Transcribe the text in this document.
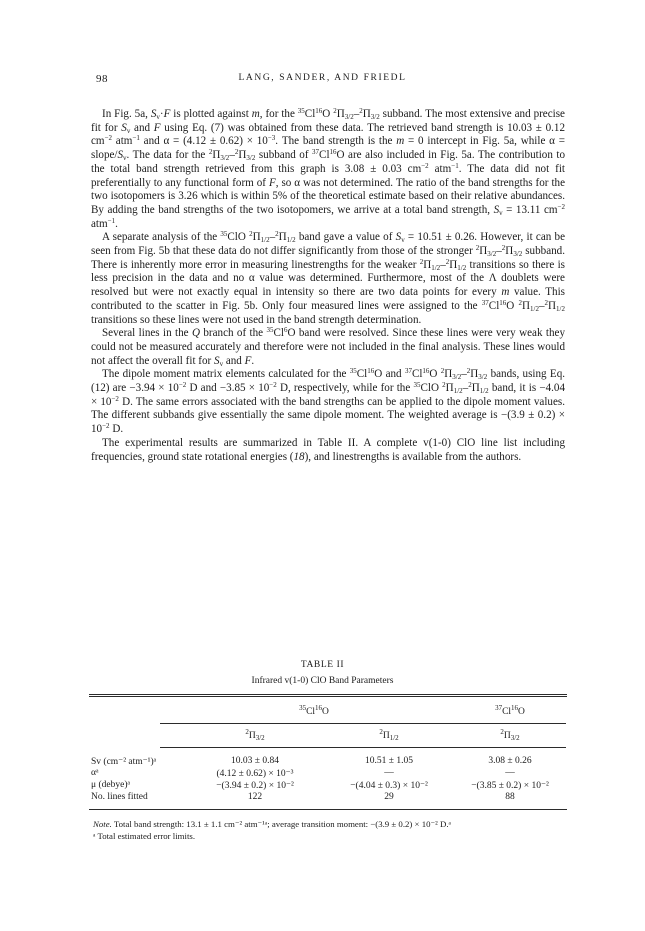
98	LANG, SANDER, AND FRIEDL

In Fig. 5a, $S_v\cdot F$ is plotted against m, for the $^{35}$Cl$^{16}$O $^2\Pi_{3/2}-^2\Pi_{3/2}$ subband. The most extensive and precise fit for $S_v$ and F using Eq. (7) was obtained from these data. The retrieved band strength is 10.03 ± 0.12 $cm^{-2}$ atm$^{-1}$ and $\alpha = (4.12 \pm 0.62) \times 10^{-3}$. The band strength is the m = 0 intercept in Fig. 5a, while α = slope/$S_v$. The data for the $^2\Pi_{3/2}-^2\Pi_{3/2}$ subband of $^{37}$Cl$^{16}$O are also included in Fig. 5a. The contribution to the total band strength retrieved from this graph is 3.08 ± 0.03 $cm^{-2}$ atm$^{-1}$. The data did not fit preferentially to any functional form of F, so α was not determined. The ratio of the band strengths for the two isotopomers is 3.26 which is within 5% of the theoretical estimate based on their relative abundances. By adding the band strengths of the two isotopomers, we arrive at a total band strength, $S_v = 13.11$ $cm^{-2}$ atm$^{-1}$.

A separate analysis of the $^{35}$ClO $^2\Pi_{1/2}-^2\Pi_{1/2}$ band gave a value of $S_v = 10.51 \pm 0.26$. However, it can be seen from Fig. 5b that these data do not differ significantly from those of the stronger $^2\Pi_{3/2}-^2\Pi_{3/2}$ subband. There is inherently more error in measuring linestrengths for the weaker $^2\Pi_{1/2}-^2\Pi_{1/2}$ transitions so there is less precision in the data and no α value was determined. Furthermore, most of the Λ doublets were resolved but were not exactly equal in intensity so there are two data points for every m value. This contributed to the scatter in Fig. 5b. Only four measured lines were assigned to the $^{37}$Cl$^{16}$O $^2\Pi_{1/2}-^2\Pi_{1/2}$ transitions so these lines were not used in the band strength determination.

Several lines in the Q branch of the $^{35}$Cl$^6$O band were resolved. Since these lines were very weak they could not be measured accurately and therefore were not included in the final analysis. These lines would not affect the overall fit for $S_v$ and F.

The dipole moment matrix elements calculated for the $^{35}$Cl$^{16}$O and $^{37}$Cl$^{16}$O $^2\Pi_{3/2}-^2\Pi_{3/2}$ bands, using Eq. (12) are $-3.94 \times 10^{-2}$ D and $-3.85 \times 10^{-2}$ D, respectively, while for the $^{35}$ClO $^2\Pi_{1/2}-^2\Pi_{1/2}$ band, it is $-4.04 \times 10^{-2}$ D. The same errors associated with the band strengths can be applied to the dipole moment values. The different subbands give essentially the same dipole moment. The weighted average is $-(3.9 \pm 0.2) \times 10^{-2}$ D.

The experimental results are summarized in Table II. A complete v(1-0) ClO line list including frequencies, ground state rotational energies (18), and linestrengths is available from the authors.

TABLE II
Infrared v(1-0) ClO Band Parameters
$^{35}$Cl$^{16}$O	$^{37}$Cl$^{16}$O
$^2\Pi_{3/2}$
$^2\Pi_{1/2}$
$^2\Pi_{3/2}$
Sv (cm⁻² atm⁻¹)ᵃ	10.03 ± 0.84	10.51 ± 1.05	3.08 ± 0.26
αᵃ	(4.12 ± 0.62) × 10⁻³	—	—
μ (debye)ᵃ	−(3.94 ± 0.2) × 10⁻²	−(4.04 ± 0.3) × 10⁻²	−(3.85 ± 0.2) × 10⁻²
No. lines fitted	122	29	88
Note. Total band strength: 13.1 ± 1.1 cm⁻² atm⁻¹ᵃ; average transition moment: −(3.9 ± 0.2) × 10⁻² D.ᵃ
ᵃ Total estimated error limits.
